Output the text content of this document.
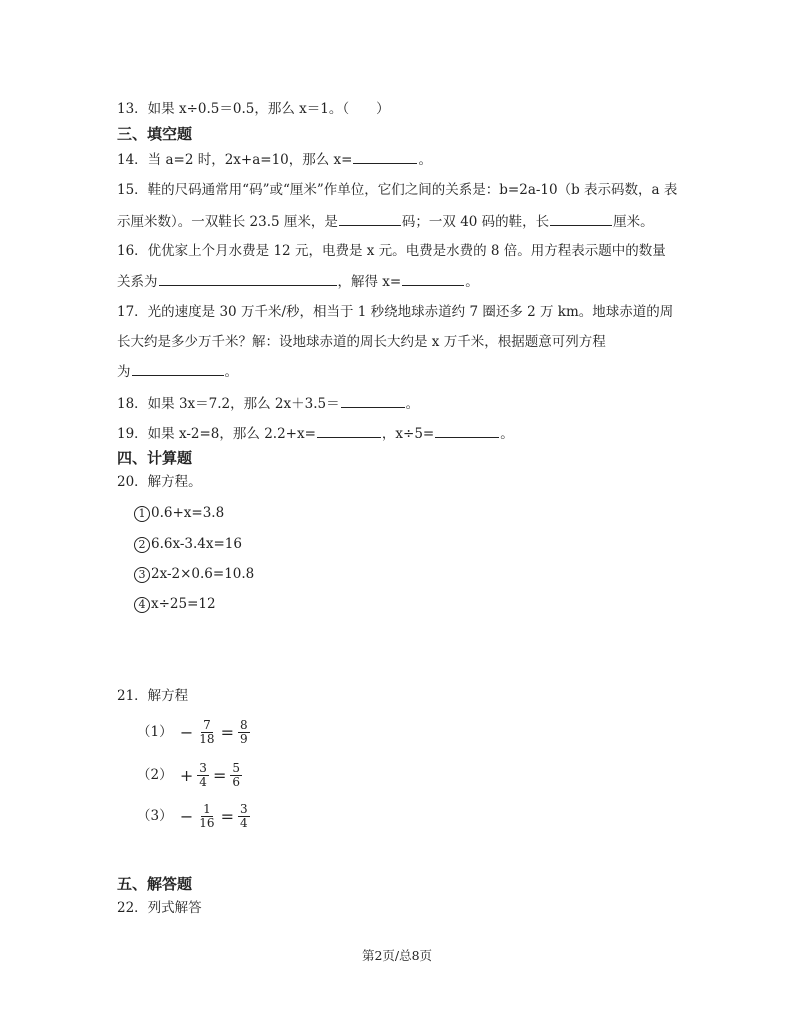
13．如果 x÷0.5＝0.5，那么 x＝1。（　　）
三、填空题
14．当 a=2 时，2x+a=10，那么 x=	。
15．鞋的尺码通常用“码”或“厘米”作单位，它们之间的关系是：b=2a-10（b 表示码数，a 表
示厘米数）。一双鞋长 23.5 厘米，是	码；一双 40 码的鞋，长	厘米。
16．优优家上个月水费是 12 元，电费是 x 元。电费是水费的 8 倍。用方程表示题中的数量
关系为	，解得 x=	。
17．光的速度是 30 万千米/秒，相当于 1 秒绕地球赤道约 7 圈还多 2 万 km。地球赤道的周
长大约是多少万千米？解：设地球赤道的周长大约是 x 万千米，根据题意可列方程
为	。
18．如果 3x＝7.2，那么 2x＋3.5＝	。
19．如果 x-2=8，那么 2.2+x=	，x÷5=	。
四、计算题
20．解方程。
1 0.6+x=3.8
2 6.6x-3.4x=16
3 2x-2×0.6=10.8
4 x÷25=12
21．解方程
$(1) - \frac{7}{18} = \frac{8}{9}$
$(2) + \frac{3}{4} = \frac{5}{6}$
$(3) - \frac{1}{16} = \frac{3}{4}$
五、解答题
22．列式解答
第2页/总8页
